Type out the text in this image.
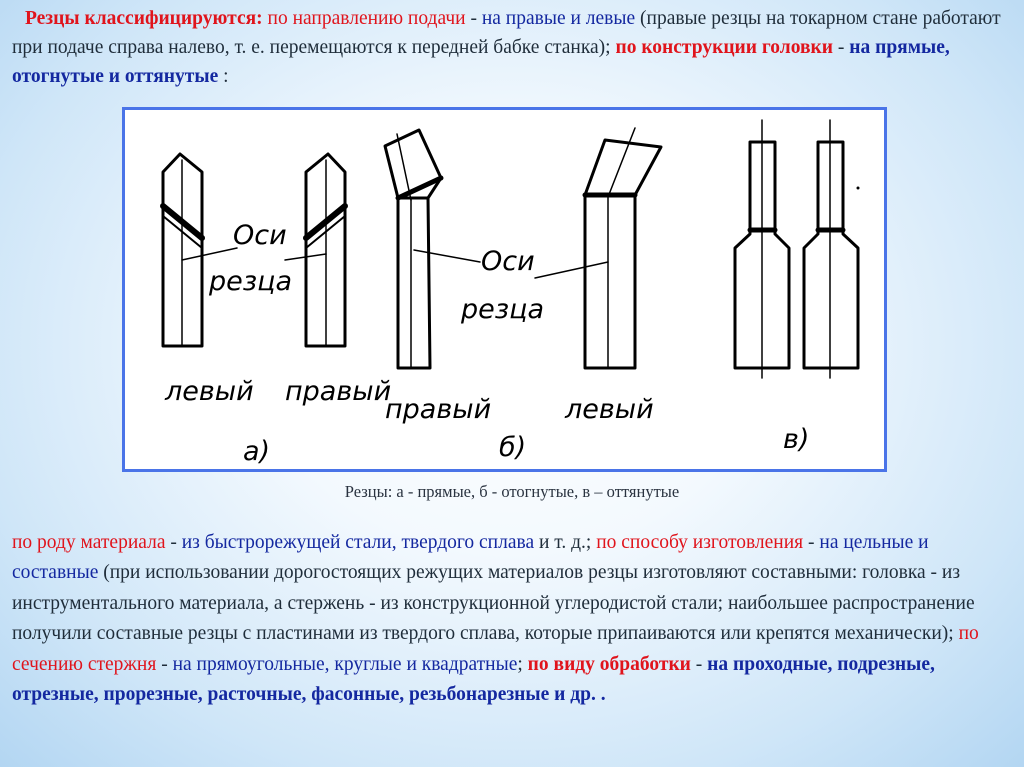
Резцы классифицируются: по направлению подачи - на правые и левые (правые резцы на токарном стане работают при подаче справа налево, т. е. перемещаются к передней бабке станка); по конструкции головки - на прямые, отогнутые и оттянутые :

Оси
резца
Оси
резца
левый правый
правый	левый
а)	б)	в)
Резцы: а - прямые, б - отогнутые, в – оттянутые

по роду материала - из быстрорежущей стали, твердого сплава и т. д.; по способу изготовления - на цельные и составные (при использовании дорогостоящих режущих материалов резцы изготовляют составными: головка - из инструментального материала, а стержень - из конструкционной углеродистой стали; наибольшее распространение получили составные резцы с пластинами из твердого сплава, которые припаиваются или крепятся механически); по сечению стержня - на прямоугольные, круглые и квадратные; по виду обработки - на проходные, подрезные, отрезные, прорезные, расточные, фасонные, резьбонарезные и др. .
